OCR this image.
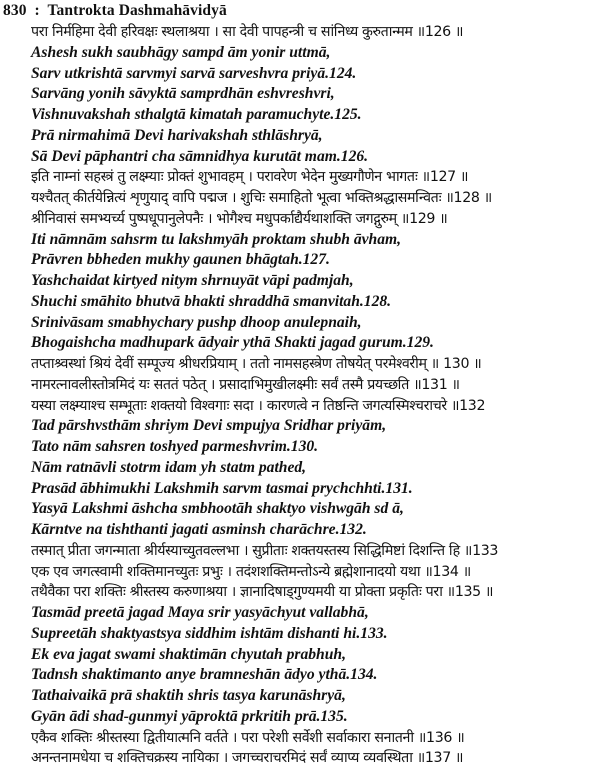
830 : Tantrokta Dashmahāvidyā
परा निर्महिमा देवी हरिवक्षः स्थलाश्रया । सा देवी पापहन्त्री च सांनिध्य कुरुतान्मम ॥126 ॥
Ashesh sukh saubhāgy sampd ām yonir uttmā,
Sarv utkrishtā sarvmyi sarvā sarveshvra priyā.124.
Sarvāng yonih sāvyktā samprdhān eshvreshvri,
Vishnuvakshah sthalgtā kimatah paramuchyte.125.
Prā nirmahimā Devi harivakshah sthlāshryā,
Sā Devi pāphantri cha sāmnidhya kurutāt mam.126.
इति नाम्नां सहस्त्रं तु लक्ष्म्याः प्रोक्तं शुभावहम् । परावरेण भेदेन मुख्यगौणेन भागतः ॥127 ॥
यश्चैतत् कीर्तयेन्नित्यं शृणुयाद् वापि पद्मज । शुचिः समाहितो भूत्वा भक्तिश्रद्धासमन्वितः ॥128 ॥
श्रीनिवासं समभ्यर्च्य पुष्पधूपानुलेपनैः । भोगैश्च मधुपर्काद्यैर्यथाशक्ति जगद्गुरुम् ॥129 ॥
Iti nāmnām sahsrm tu lakshmyāh proktam shubh āvham,
Prāvren bbheden mukhy gaunen bhāgtah.127.
Yashchaidat kirtyed nitym shrnuyāt vāpi padmjah,
Shuchi smāhito bhutvā bhakti shraddhā smanvitah.128.
Srinivāsam smabhychary pushp dhoop anulepnaih,
Bhogaishcha madhupark ādyair ythā Shakti jagad gurum.129.
तप्ताश्र्वस्थां श्रियं देवीं सम्पूज्य श्रीधरप्रियाम् । ततो नामसहस्त्रेण तोषयेत् परमेश्वरीम् ॥ 130 ॥
नामरत्नावलीस्तोत्रमिदं यः सततं पठेत् । प्रसादाभिमुखीलक्ष्मीः सर्वं तस्मै प्रयच्छति ॥131 ॥
यस्या लक्ष्म्याश्च सम्भूताः शक्तयो विश्वगाः सदा । कारणत्वे न तिष्ठन्ति जगत्यस्मिश्चराचरे ॥132
Tad pārshvsthām shriym Devi smpujya Sridhar priyām,
Tato nām sahsren toshyed parmeshvrim.130.
Nām ratnāvli stotrm idam yh statm pathed,
Prasād ābhimukhi Lakshmih sarvm tasmai prychchhti.131.
Yasyā Lakshmi āshcha smbhootāh shaktyo vishwgāh sd ā,
Kārntve na tishthanti jagati asminsh charāchre.132.
तस्मात् प्रीता जगन्माता श्रीर्यस्याच्युतवल्लभा । सुप्रीताः शक्तयस्तस्य सिद्धिमिष्टां दिशन्ति हि ॥133
एक एव जगत्स्वामी शक्तिमानच्युतः प्रभुः । तदंशशक्तिमन्तोऽन्ये ब्रह्मेशानादयो यथा ॥134 ॥
तथैवैका परा शक्तिः श्रीस्तस्य करुणाश्रया । ज्ञानादिषाड्गुण्यमयी या प्रोक्ता प्रकृतिः परा ॥135 ॥
Tasmād preetā jagad Maya srir yasyāchyut vallabhā,
Supreetāh shaktyastsya siddhim ishtām dishanti hi.133.
Ek eva jagat swami shaktimān chyutah prabhuh,
Tadnsh shaktimanto anye bramneshān ādyo ythā.134.
Tathaivaikā prā shaktih shris tasya karunāshryā,
Gyān ādi shad-gunmyi yāproktā prkritih prā.135.
एकैव शक्तिः श्रीस्तस्या द्वितीयात्मनि वर्तते । परा परेशी सर्वेशी सर्वाकारा सनातनी ॥136 ॥
अनन्तनामधेया च शक्तिचक्रस्य नायिका । जगच्चराचरमिदं सर्वं व्याप्य व्यवस्थिता ॥137 ॥
